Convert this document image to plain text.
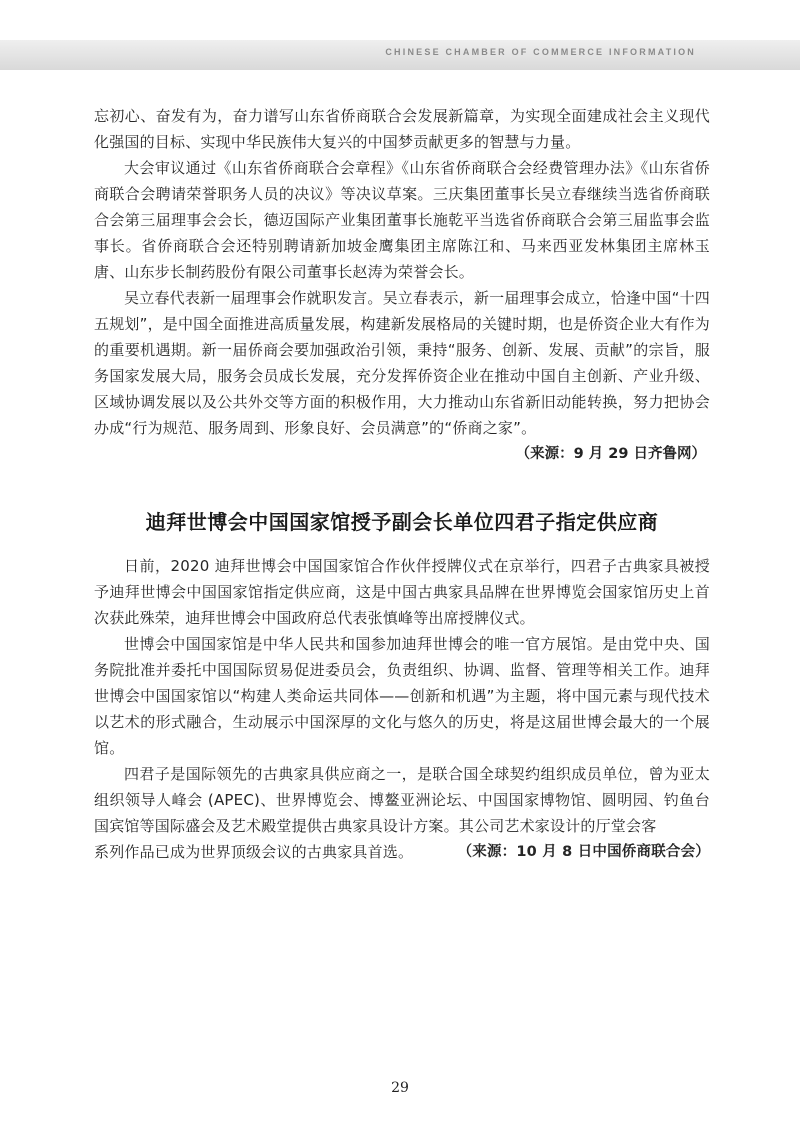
CHINESE CHAMBER OF COMMERCE INFORMATION

忘初心、奋发有为，奋力谱写山东省侨商联合会发展新篇章，为实现全面建成社会主义现代化强国的目标、实现中华民族伟大复兴的中国梦贡献更多的智慧与力量。

大会审议通过《山东省侨商联合会章程》《山东省侨商联合会经费管理办法》《山东省侨商联合会聘请荣誉职务人员的决议》等决议草案。三庆集团董事长吴立春继续当选省侨商联合会第三届理事会会长，德迈国际产业集团董事长施乾平当选省侨商联合会第三届监事会监事长。省侨商联合会还特别聘请新加坡金鹰集团主席陈江和、马来西亚发林集团主席林玉唐、山东步长制药股份有限公司董事长赵涛为荣誉会长。

吴立春代表新一届理事会作就职发言。吴立春表示，新一届理事会成立，恰逢中国“十四五规划”，是中国全面推进高质量发展，构建新发展格局的关键时期，也是侨资企业大有作为的重要机遇期。新一届侨商会要加强政治引领，秉持“服务、创新、发展、贡献”的宗旨，服务国家发展大局，服务会员成长发展，充分发挥侨资企业在推动中国自主创新、产业升级、区域协调发展以及公共外交等方面的积极作用，大力推动山东省新旧动能转换，努力把协会办成“行为规范、服务周到、形象良好、会员满意”的“侨商之家”。

（来源：9 月 29 日齐鲁网）

迪拜世博会中国国家馆授予副会长单位四君子指定供应商

日前，2020 迪拜世博会中国国家馆合作伙伴授牌仪式在京举行，四君子古典家具被授予迪拜世博会中国国家馆指定供应商，这是中国古典家具品牌在世界博览会国家馆历史上首次获此殊荣，迪拜世博会中国政府总代表张慎峰等出席授牌仪式。

世博会中国国家馆是中华人民共和国参加迪拜世博会的唯一官方展馆。是由党中央、国务院批准并委托中国国际贸易促进委员会，负责组织、协调、监督、管理等相关工作。迪拜世博会中国国家馆以“构建人类命运共同体——创新和机遇”为主题，将中国元素与现代技术以艺术的形式融合，生动展示中国深厚的文化与悠久的历史，将是这届世博会最大的一个展馆。

四君子是国际领先的古典家具供应商之一，是联合国全球契约组织成员单位，曾为亚太组织领导人峰会 (APEC)、世界博览会、博鳌亚洲论坛、中国国家博物馆、圆明园、钓鱼台国宾馆等国际盛会及艺术殿堂提供古典家具设计方案。其公司艺术家设计的厅堂会客

系列作品已成为世界顶级会议的古典家具首选。	（来源：10 月 8 日中国侨商联合会）
29
